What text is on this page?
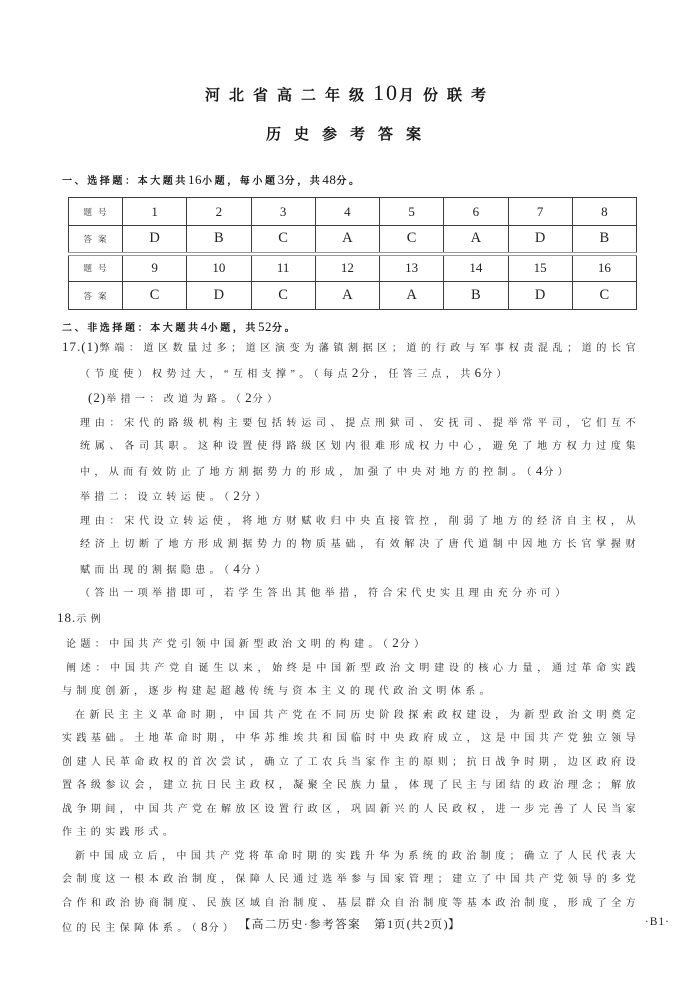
河北省高二年级10月份联考
历史参考答案
一、选择题：本大题共16小题，每小题3分，共48分。
题号	1	2	3	4	5	6	7	8
答案	D	B	C	A	C	A	D	B
题号	9	10	11	12	13	14	15	16
答案	C	D	C	A	A	B	D	C
二、非选择题：本大题共4小题，共52分。

17.(1)弊端：道区数量过多；道区演变为藩镇割据区；道的行政与军事权责混乱；道的长官（节度使）权势过大，“互相支撑”。（每点2分，任答三点，共6分）

(2)举措一：改道为路。（2分）

理由：宋代的路级机构主要包括转运司、提点刑狱司、安抚司、提举常平司，它们互不统属、各司其职。这种设置使得路级区划内很难形成权力中心，避免了地方权力过度集中，从而有效防止了地方割据势力的形成，加强了中央对地方的控制。（4分）

举措二：设立转运使。（2分）

理由：宋代设立转运使，将地方财赋收归中央直接管控，削弱了地方的经济自主权，从经济上切断了地方形成割据势力的物质基础，有效解决了唐代道制中因地方长官掌握财赋而出现的割据隐患。（4分）

（答出一项举措即可，若学生答出其他举措，符合宋代史实且理由充分亦可）

18.示例

论题：中国共产党引领中国新型政治文明的构建。（2分）

阐述：中国共产党自诞生以来，始终是中国新型政治文明建设的核心力量，通过革命实践与制度创新，逐步构建起超越传统与资本主义的现代政治文明体系。

在新民主主义革命时期，中国共产党在不同历史阶段探索政权建设，为新型政治文明奠定实践基础。土地革命时期，中华苏维埃共和国临时中央政府成立，这是中国共产党独立领导创建人民革命政权的首次尝试，确立了工农兵当家作主的原则；抗日战争时期，边区政府设置各级参议会，建立抗日民主政权，凝聚全民族力量，体现了民主与团结的政治理念；解放战争期间，中国共产党在解放区设置行政区，巩固新兴的人民政权，进一步完善了人民当家作主的实践形式。

新中国成立后，中国共产党将革命时期的实践升华为系统的政治制度；确立了人民代表大会制度这一根本政治制度，保障人民通过选举参与国家管理；建立了中国共产党领导的多党合作和政治协商制度、民族区域自治制度、基层群众自治制度等基本政治制度，形成了全方位的民主保障体系。（8分） 【高二历史·参考答案　第1页(共2页)】	·B1·
